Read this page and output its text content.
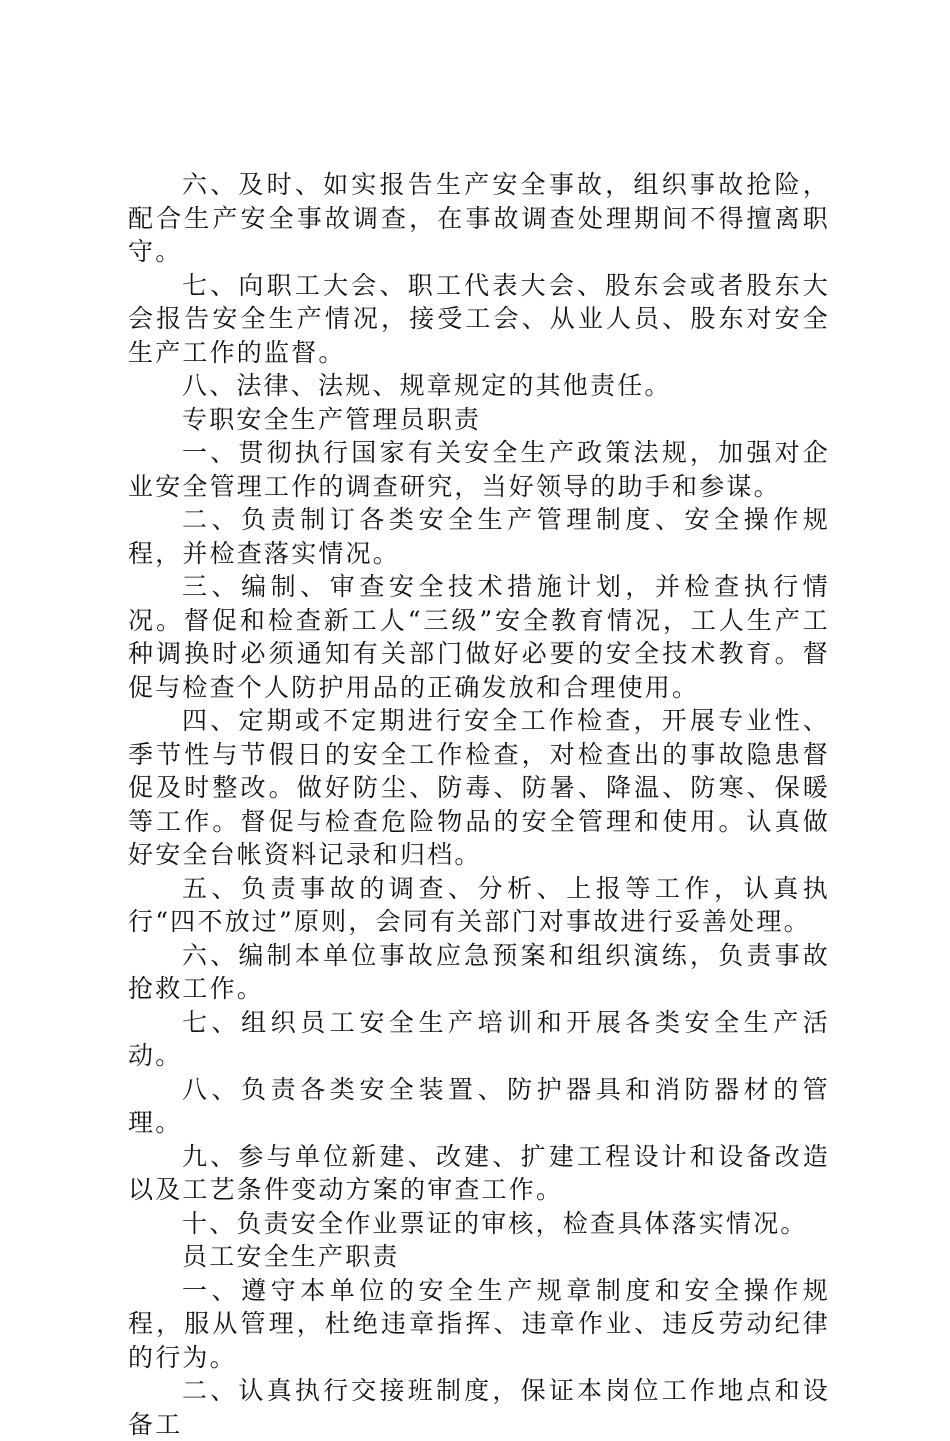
六、及时、如实报告生产安全事故，组织事故抢险，配合生产安全事故调查，在事故调查处理期间不得擅离职守。

七、向职工大会、职工代表大会、股东会或者股东大会报告安全生产情况，接受工会、从业人员、股东对安全生产工作的监督。

八、法律、法规、规章规定的其他责任。

专职安全生产管理员职责

一、贯彻执行国家有关安全生产政策法规，加强对企业安全管理工作的调查研究，当好领导的助手和参谋。

二、负责制订各类安全生产管理制度、安全操作规程，并检查落实情况。

三、编制、审查安全技术措施计划，并检查执行情况。督促和检查新工人“三级”安全教育情况，工人生产工种调换时必须通知有关部门做好必要的安全技术教育。督促与检查个人防护用品的正确发放和合理使用。

四、定期或不定期进行安全工作检查，开展专业性、季节性与节假日的安全工作检查，对检查出的事故隐患督促及时整改。做好防尘、防毒、防暑、降温、防寒、保暖等工作。督促与检查危险物品的安全管理和使用。认真做好安全台帐资料记录和归档。

五、负责事故的调查、分析、上报等工作，认真执行“四不放过”原则，会同有关部门对事故进行妥善处理。

六、编制本单位事故应急预案和组织演练，负责事故抢救工作。

七、组织员工安全生产培训和开展各类安全生产活动。

八、负责各类安全装置、防护器具和消防器材的管理。

九、参与单位新建、改建、扩建工程设计和设备改造以及工艺条件变动方案的审查工作。

十、负责安全作业票证的审核，检查具体落实情况。

员工安全生产职责

一、遵守本单位的安全生产规章制度和安全操作规程，服从管理，杜绝违章指挥、违章作业、违反劳动纪律的行为。

二、认真执行交接班制度，保证本岗位工作地点和设备工
